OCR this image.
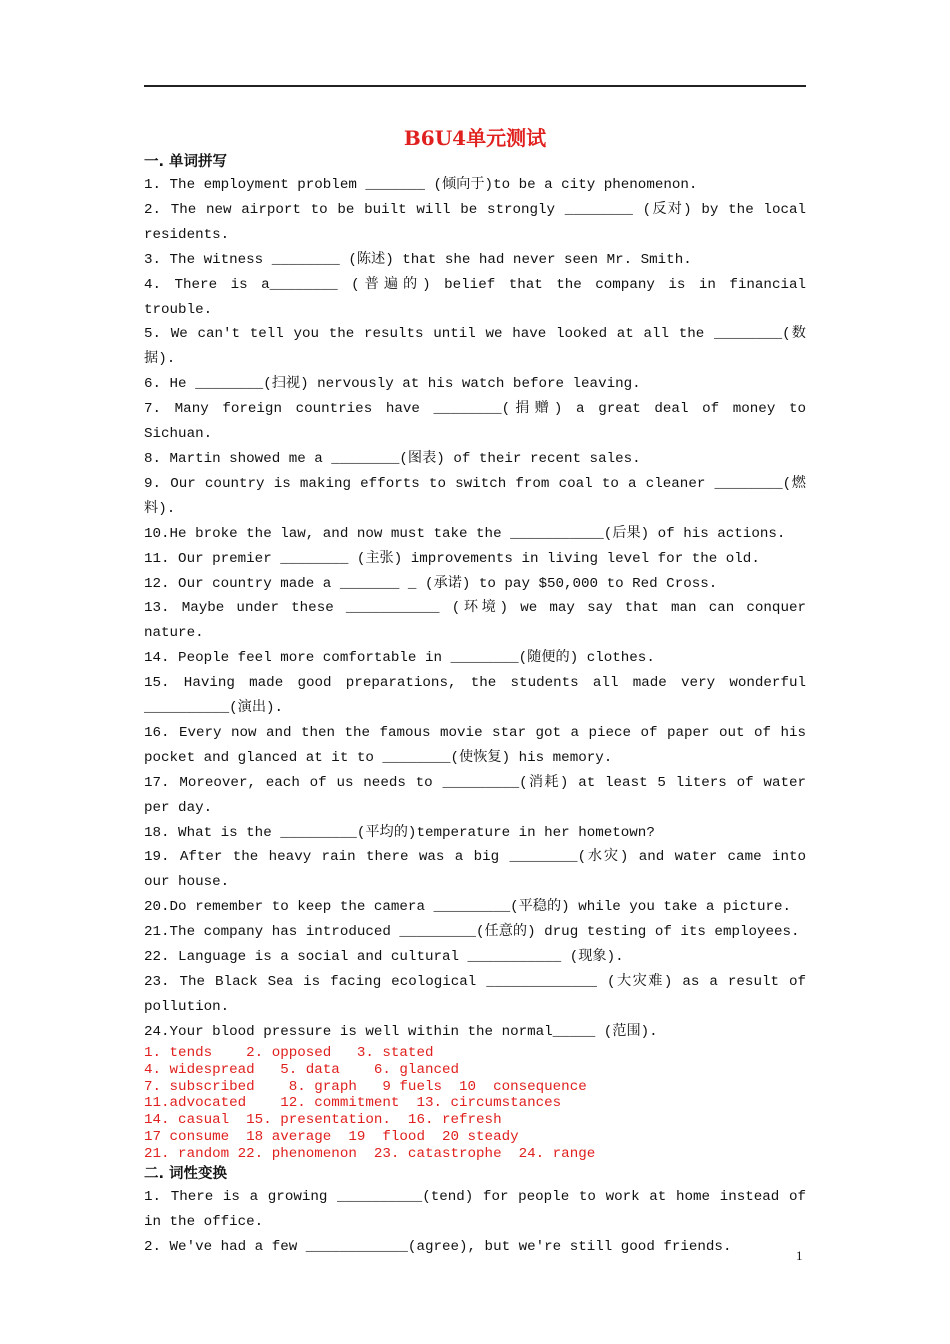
B6U4单元测试
一. 单词拼写

1. The employment problem _______ (倾向于)to be a city phenomenon.

2. The new airport to be built will be strongly ________ (反对) by the local residents.

3. The witness ________ (陈述) that she had never seen Mr. Smith.

4. There is a________ (普遍的) belief that the company is in financial trouble.

5. We can't tell you the results until we have looked at all the ________(数据).

6. He ________(扫视) nervously at his watch before leaving.

7. Many foreign countries have ________(捐赠) a great deal of money to Sichuan.

8. Martin showed me a ________(图表) of their recent sales.

9. Our country is making efforts to switch from coal to a cleaner ________(燃料).

10.He broke the law, and now must take the ___________(后果) of his actions.

11. Our premier ________ (主张) improvements in living level for the old.

12. Our country made a _______ _ (承诺) to pay $50,000 to Red Cross.

13. Maybe under these ___________ (环境) we may say that man can conquer nature.

14. People feel more comfortable in ________(随便的) clothes.

15. Having made good preparations, the students all made very wonderful __________(演出).

16. Every now and then the famous movie star got a piece of paper out of his pocket and glanced at it to ________(使恢复) his memory.

17. Moreover, each of us needs to _________(消耗) at least 5 liters of water per day.

18. What is the _________(平均的)temperature in her hometown?

19. After the heavy rain there was a big ________(水灾) and water came into our house.

20.Do remember to keep the camera _________(平稳的) while you take a picture.

21.The company has introduced _________(任意的) drug testing of its employees.

22. Language is a social and cultural ___________ (现象).

23. The Black Sea is facing ecological _____________ (大灾难) as a result of pollution.

24.Your blood pressure is well within the normal_____ (范围).

1. tends    2. opposed   3. stated

4. widespread   5. data    6. glanced

7. subscribed    8. graph   9 fuels  10  consequence

11.advocated    12. commitment  13. circumstances

14. casual  15. presentation.  16. refresh

17 consume  18 average  19  flood  20 steady

21. random 22. phenomenon  23. catastrophe  24. range

二. 词性变换

1. There is a growing __________(tend) for people to work at home instead of in the office.

2. We've had a few ____________(agree), but we're still good friends.

1
